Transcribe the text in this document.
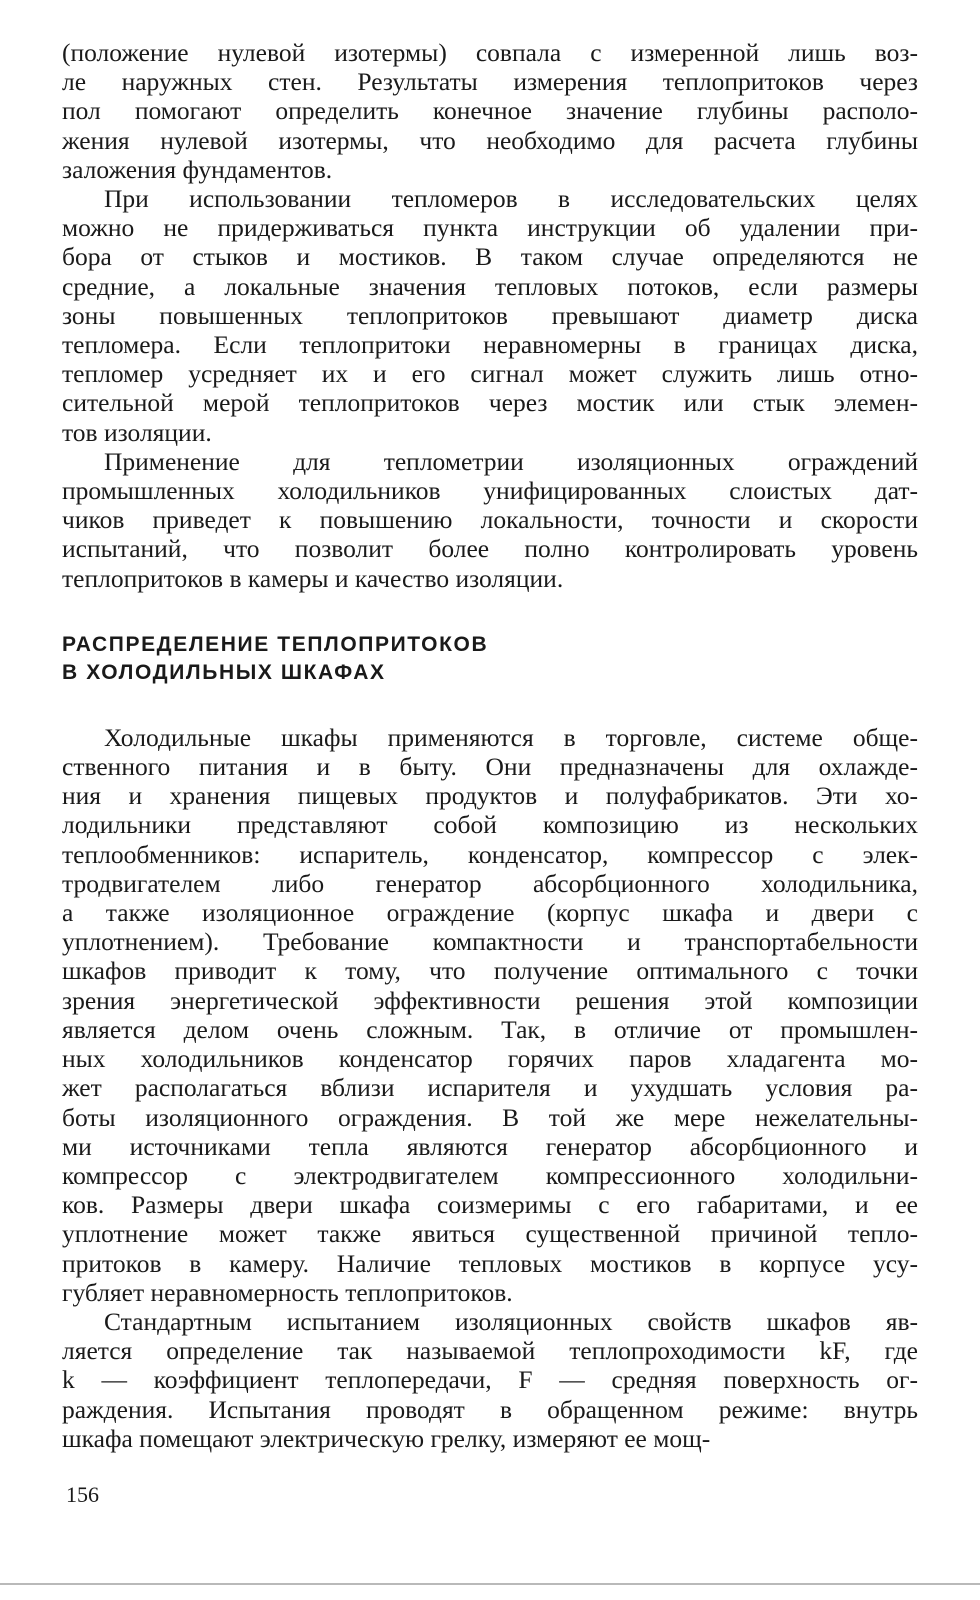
(положение нулевой изотермы) совпала с измеренной лишь воз-
ле наружных стен. Результаты измерения теплопритоков через
пол помогают определить конечное значение глубины располо-
жения нулевой изотермы, что необходимо для расчета глубины
заложения фундаментов.

При использовании тепломеров в исследовательских целях
можно не придерживаться пункта инструкции об удалении при-
бора от стыков и мостиков. В таком случае определяются не
средние, а локальные значения тепловых потоков, если размеры
зоны повышенных теплопритоков превышают диаметр диска
тепломера. Если теплопритоки неравномерны в границах диска,
тепломер усредняет их и его сигнал может служить лишь отно-
сительной мерой теплопритоков через мостик или стык элемен-
тов изоляции.

Применение для теплометрии изоляционных ограждений
промышленных холодильников унифицированных слоистых дат-
чиков приведет к повышению локальности, точности и скорости
испытаний, что позволит более полно контролировать уровень
теплопритоков в камеры и качество изоляции.

РАСПРЕДЕЛЕНИЕ ТЕПЛОПРИТОКОВ
В ХОЛОДИЛЬНЫХ ШКАФАХ

Холодильные шкафы применяются в торговле, системе обще-
ственного питания и в быту. Они предназначены для охлажде-
ния и хранения пищевых продуктов и полуфабрикатов. Эти хо-
лодильники представляют собой композицию из нескольких
теплообменников: испаритель, конденсатор, компрессор с элек-
тродвигателем либо генератор абсорбционного холодильника,
а также изоляционное ограждение (корпус шкафа и двери с
уплотнением). Требование компактности и транспортабельности
шкафов приводит к тому, что получение оптимального с точки
зрения энергетической эффективности решения этой композиции
является делом очень сложным. Так, в отличие от промышлен-
ных холодильников конденсатор горячих паров хладагента мо-
жет располагаться вблизи испарителя и ухудшать условия ра-
боты изоляционного ограждения. В той же мере нежелательны-
ми источниками тепла являются генератор абсорбционного и
компрессор с электродвигателем компрессионного холодильни-
ков. Размеры двери шкафа соизмеримы с его габаритами, и ее
уплотнение может также явиться существенной причиной тепло-
притоков в камеру. Наличие тепловых мостиков в корпусе усу-
губляет неравномерность теплопритоков.

Стандартным испытанием изоляционных свойств шкафов яв-
ляется определение так называемой теплопроходимости kF, где
k — коэффициент теплопередачи, F — средняя поверхность ог-
раждения. Испытания проводят в обращенном режиме: внутрь
шкафа помещают электрическую грелку, измеряют ее мощ-

156
